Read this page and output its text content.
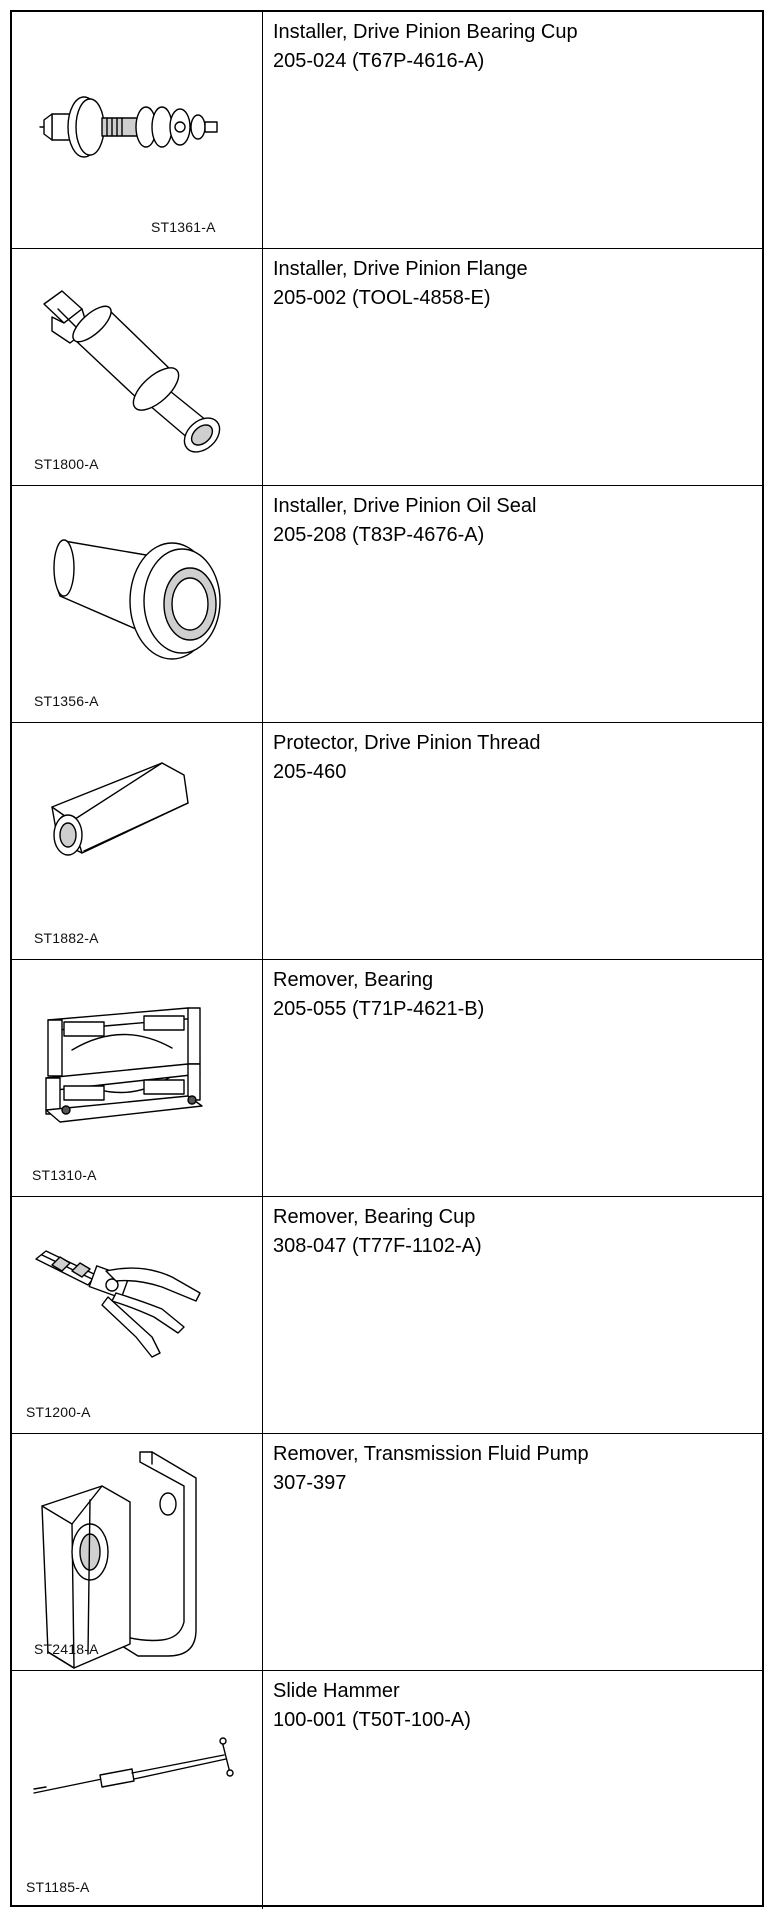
ST1361-A
Installer, Drive Pinion Bearing Cup
205-024 (T67P-4616-A)
ST1800-A
Installer, Drive Pinion Flange
205-002 (TOOL-4858-E)
ST1356-A
Installer, Drive Pinion Oil Seal
205-208 (T83P-4676-A)
ST1882-A
Protector, Drive Pinion Thread
205-460
ST1310-A
Remover, Bearing
205-055 (T71P-4621-B)
ST1200-A
Remover, Bearing Cup
308-047 (T77F-1102-A)
ST2418-A
Remover, Transmission Fluid Pump
307-397
ST1185-A
Slide Hammer
100-001 (T50T-100-A)
